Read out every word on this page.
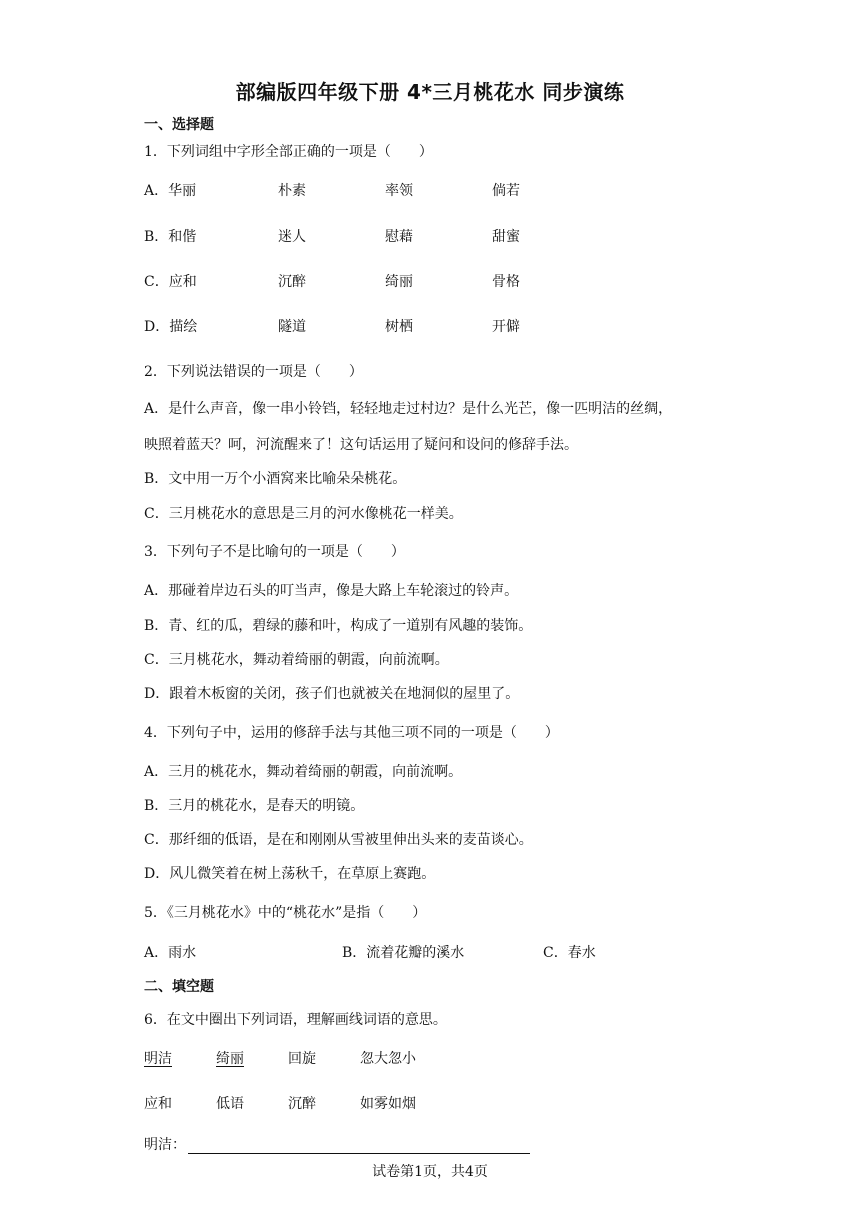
部编版四年级下册 4*三月桃花水 同步演练
一、选择题
1．下列词组中字形全部正确的一项是（　　）
A．华丽	朴素	率领	倘若
B．和偕	迷人	慰藉	甜蜜
C．应和	沉醉	绮丽	骨格
D．描绘	隧道	树栖	开僻
2．下列说法错误的一项是（　　）
A．是什么声音，像一串小铃铛，轻轻地走过村边？是什么光芒，像一匹明洁的丝绸，
映照着蓝天？呵，河流醒来了！这句话运用了疑问和设问的修辞手法。
B．文中用一万个小酒窝来比喻朵朵桃花。
C．三月桃花水的意思是三月的河水像桃花一样美。
3．下列句子不是比喻句的一项是（　　）
A．那碰着岸边石头的叮当声，像是大路上车轮滚过的铃声。
B．青、红的瓜，碧绿的藤和叶，构成了一道别有风趣的装饰。
C．三月桃花水，舞动着绮丽的朝霞，向前流啊。
D．跟着木板窗的关闭，孩子们也就被关在地洞似的屋里了。
4．下列句子中，运用的修辞手法与其他三项不同的一项是（　　）
A．三月的桃花水，舞动着绮丽的朝霞，向前流啊。
B．三月的桃花水，是春天的明镜。
C．那纤细的低语，是在和刚刚从雪被里伸出头来的麦苗谈心。
D．风儿微笑着在树上荡秋千，在草原上赛跑。
5．《三月桃花水》中的“桃花水”是指（　　）
A．雨水	B．流着花瓣的溪水	C．春水
二、填空题
6．在文中圈出下列词语，理解画线词语的意思。
明洁	绮丽	回旋	忽大忽小
应和	低语	沉醉	如雾如烟
明洁：
试卷第1页，共4页
